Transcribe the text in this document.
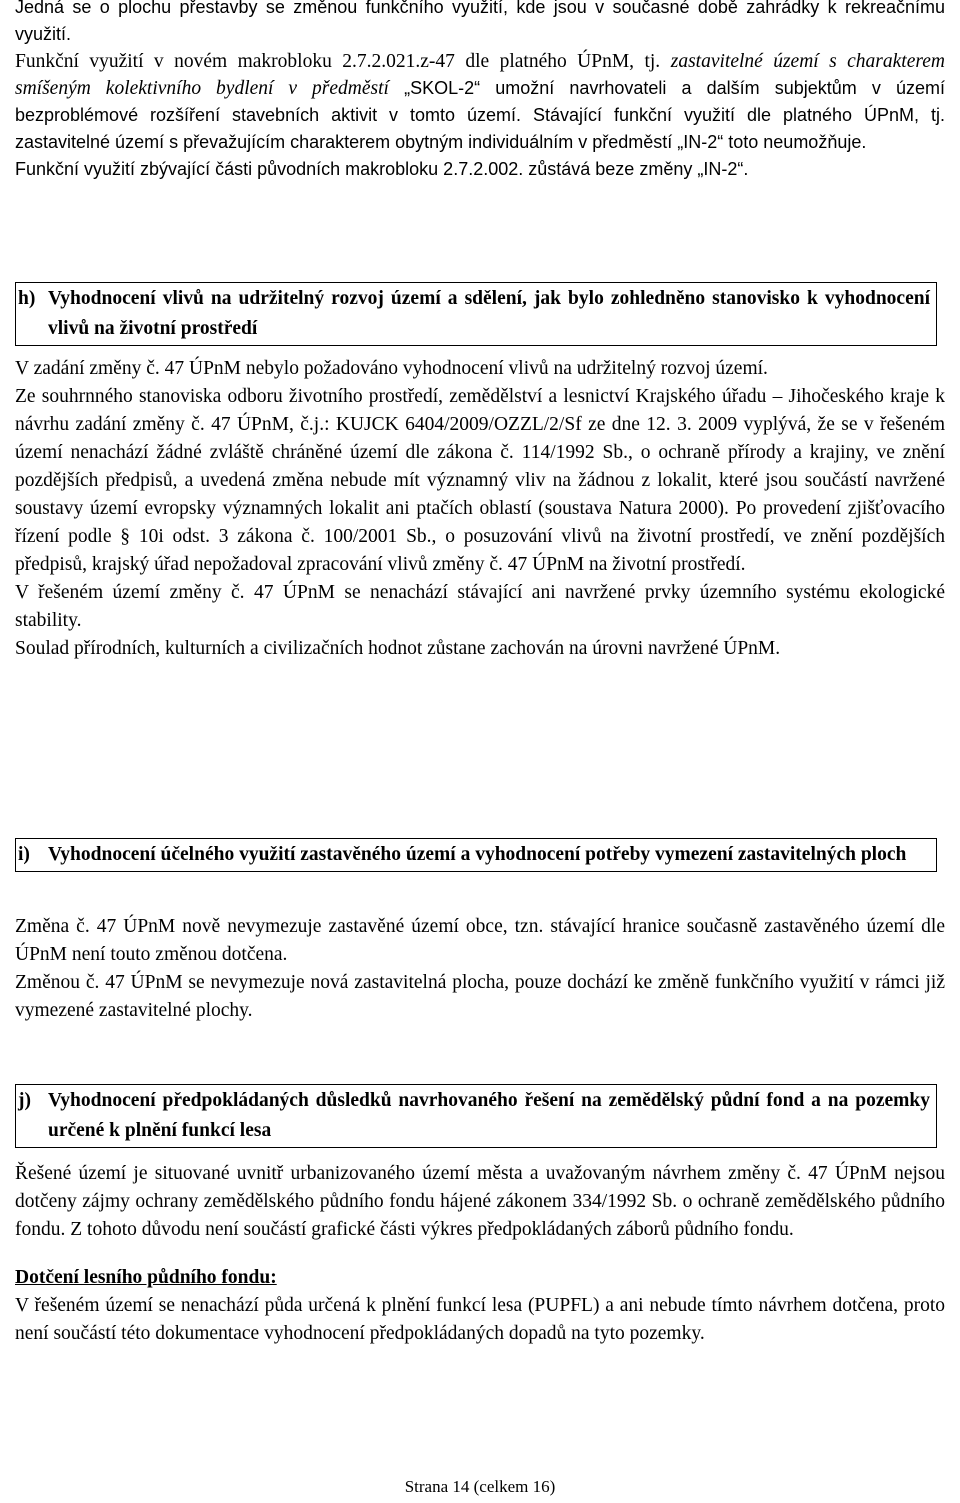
Jedná se o plochu přestavby se změnou funkčního využití, kde jsou v současné době zahrádky k rekreačnímu využití.

Funkční využití v novém makrobloku 2.7.2.021.z-47 dle platného ÚPnM, tj. zastavitelné území s charakterem smíšeným kolektivního bydlení v předměstí „SKOL-2“ umožní navrhovateli a dalším subjektům v území bezproblémové rozšíření stavebních aktivit v tomto území. Stávající funkční využití dle platného ÚPnM, tj. zastavitelné území s převažujícím charakterem obytným individuálním v předměstí „IN-2“ toto neumožňuje.

Funkční využití zbývající části původních makrobloku 2.7.2.002. zůstává beze změny „IN-2“.

h) Vyhodnocení vlivů na udržitelný rozvoj území a sdělení, jak bylo zohledněno stanovisko k vyhodnocení vlivů na životní prostředí

V zadání změny č. 47 ÚPnM nebylo požadováno vyhodnocení vlivů na udržitelný rozvoj území.

Ze souhrnného stanoviska odboru životního prostředí, zemědělství a lesnictví Krajského úřadu – Jihočeského kraje k návrhu zadání změny č. 47 ÚPnM, č.j.: KUJCK 6404/2009/OZZL/2/Sf ze dne 12. 3. 2009 vyplývá, že se v řešeném území nenachází žádné zvláště chráněné území dle zákona č. 114/1992 Sb., o ochraně přírody a krajiny, ve znění pozdějších předpisů, a uvedená změna nebude mít významný vliv na žádnou z lokalit, které jsou součástí navržené soustavy území evropsky významných lokalit ani ptačích oblastí (soustava Natura 2000). Po provedení zjišťovacího řízení podle § 10i odst. 3 zákona č. 100/2001 Sb., o posuzování vlivů na životní prostředí, ve znění pozdějších předpisů, krajský úřad nepožadoval zpracování vlivů změny č. 47 ÚPnM na životní prostředí.

V řešeném území změny č. 47 ÚPnM se nenachází stávající ani navržené prvky územního systému ekologické stability.

Soulad přírodních, kulturních a civilizačních hodnot zůstane zachován na úrovni navržené ÚPnM.

i) Vyhodnocení účelného využití zastavěného území a vyhodnocení potřeby vymezení zastavitelných ploch

Změna č. 47 ÚPnM nově nevymezuje zastavěné území obce, tzn. stávající hranice současně zastavěného území dle ÚPnM není touto změnou dotčena.

Změnou č. 47 ÚPnM se nevymezuje nová zastavitelná plocha, pouze dochází ke změně funkčního využití v rámci již vymezené zastavitelné plochy.

j) Vyhodnocení předpokládaných důsledků navrhovaného řešení na zemědělský půdní fond a na pozemky určené k plnění funkcí lesa

Řešené území je situované uvnitř urbanizovaného území města a uvažovaným návrhem změny č. 47 ÚPnM nejsou dotčeny zájmy ochrany zemědělského půdního fondu hájené zákonem 334/1992 Sb. o ochraně zemědělského půdního fondu. Z tohoto důvodu není součástí grafické části výkres předpokládaných záborů půdního fondu.

Dotčení lesního půdního fondu:

V řešeném území se nenachází půda určená k plnění funkcí lesa (PUPFL) a ani nebude tímto návrhem dotčena, proto není součástí této dokumentace vyhodnocení předpokládaných dopadů na tyto pozemky.

Strana 14 (celkem 16)
